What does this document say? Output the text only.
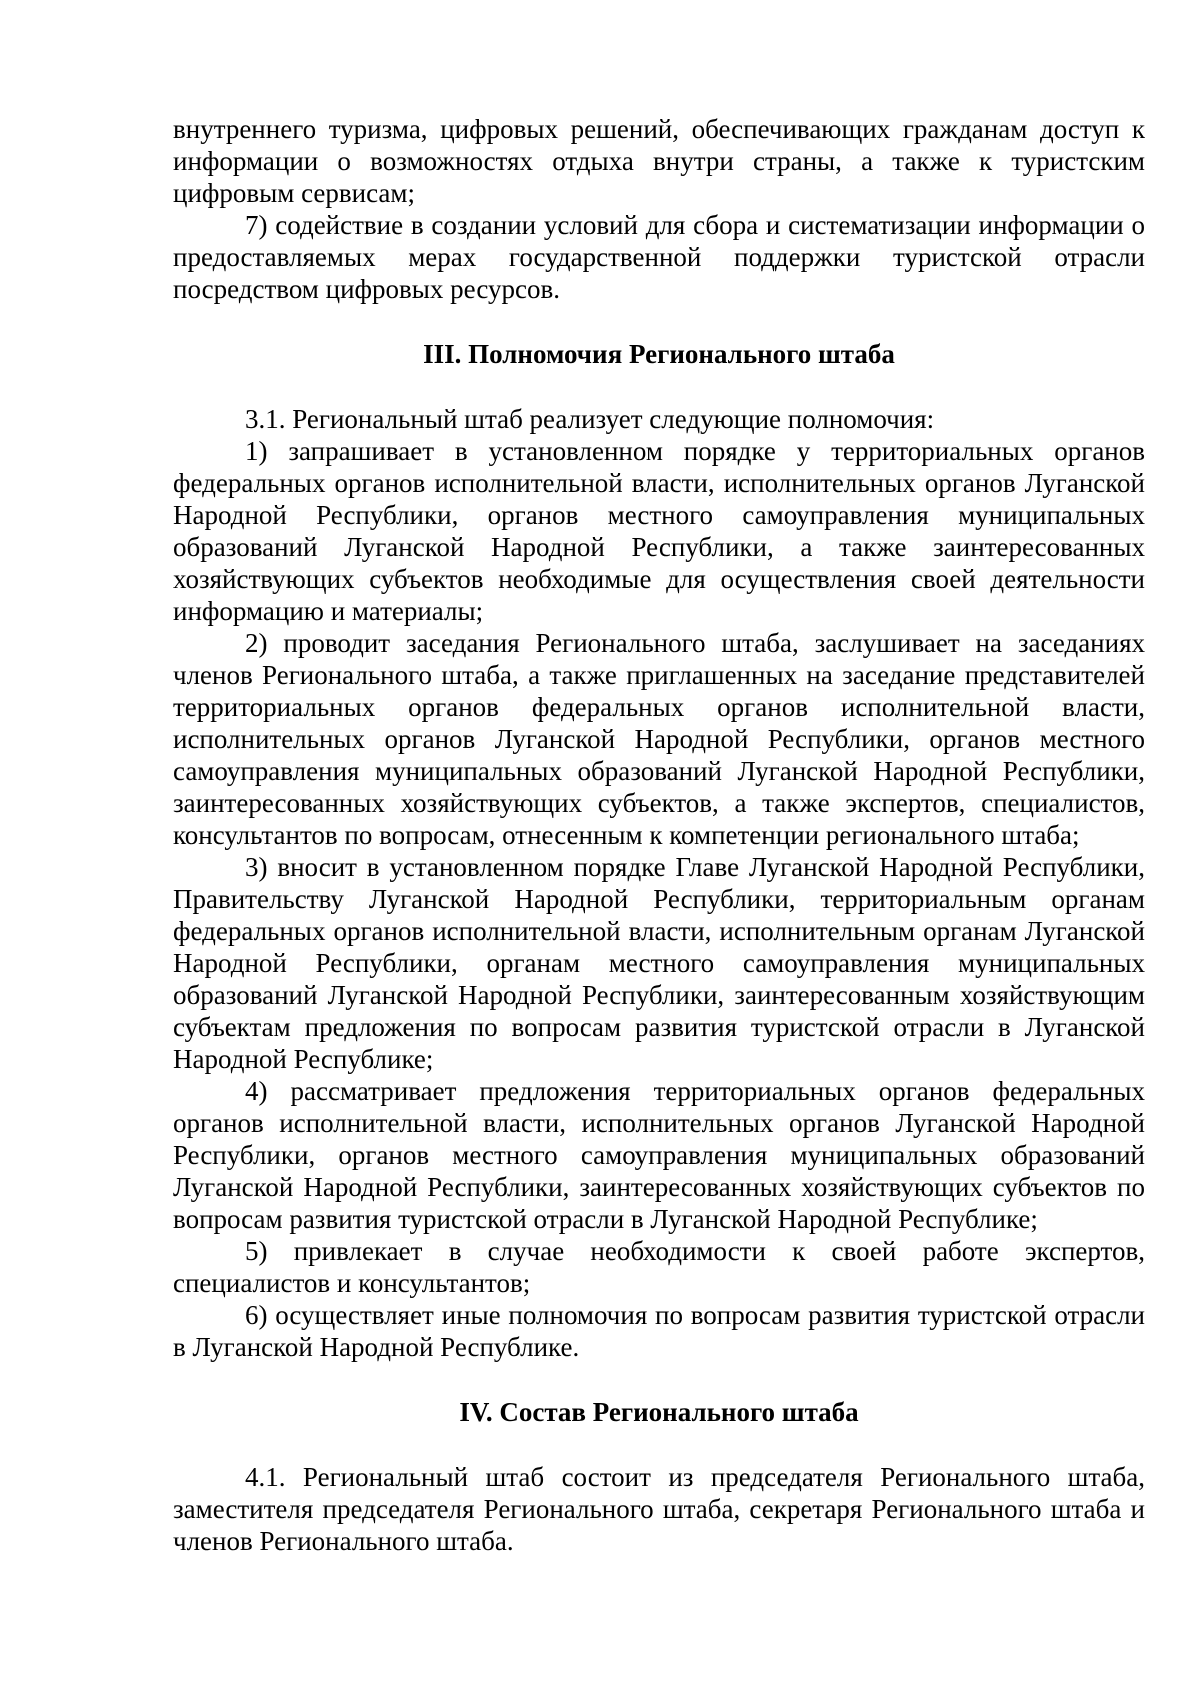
внутреннего туризма, цифровых решений, обеспечивающих гражданам доступ к информации о возможностях отдыха внутри страны, а также к туристским цифровым сервисам;

7) содействие в создании условий для сбора и систематизации информации о предоставляемых мерах государственной поддержки туристской отрасли посредством цифровых ресурсов.

III. Полномочия Регионального штаба

3.1. Региональный штаб реализует следующие полномочия:

1) запрашивает в установленном порядке у территориальных органов федеральных органов исполнительной власти, исполнительных органов Луганской Народной Республики, органов местного самоуправления муниципальных образований Луганской Народной Республики, а также заинтересованных хозяйствующих субъектов необходимые для осуществления своей деятельности информацию и материалы;

2) проводит заседания Регионального штаба, заслушивает на заседаниях членов Регионального штаба, а также приглашенных на заседание представителей территориальных органов федеральных органов исполнительной власти, исполнительных органов Луганской Народной Республики, органов местного самоуправления муниципальных образований Луганской Народной Республики, заинтересованных хозяйствующих субъектов, а также экспертов, специалистов, консультантов по вопросам, отнесенным к компетенции регионального штаба;

3) вносит в установленном порядке Главе Луганской Народной Республики, Правительству Луганской Народной Республики, территориальным органам федеральных органов исполнительной власти, исполнительным органам Луганской Народной Республики, органам местного самоуправления муниципальных образований Луганской Народной Республики, заинтересованным хозяйствующим субъектам предложения по вопросам развития туристской отрасли в Луганской Народной Республике;

4) рассматривает предложения территориальных органов федеральных органов исполнительной власти, исполнительных органов Луганской Народной Республики, органов местного самоуправления муниципальных образований Луганской Народной Республики, заинтересованных хозяйствующих субъектов по вопросам развития туристской отрасли в Луганской Народной Республике;

5) привлекает в случае необходимости к своей работе экспертов, специалистов и консультантов;

6) осуществляет иные полномочия по вопросам развития туристской отрасли в Луганской Народной Республике.

IV. Состав Регионального штаба

4.1. Региональный штаб состоит из председателя Регионального штаба, заместителя председателя Регионального штаба, секретаря Регионального штаба и членов Регионального штаба.
